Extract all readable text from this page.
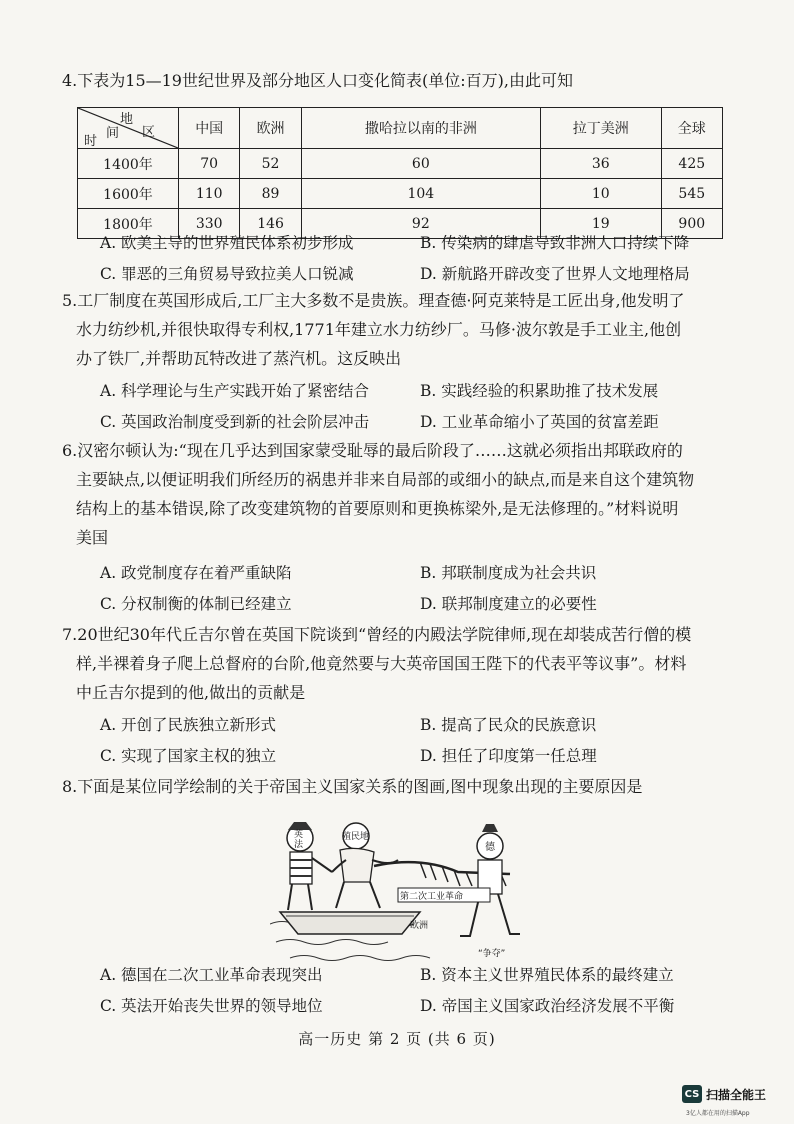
4.下表为15—19世纪世界及部分地区人口变化简表(单位:百万),由此可知

地
区
时
间	中国	欧洲	撒哈拉以南的非洲	拉丁美洲	全球
1400年	70	52	60	36	425
1600年	110	89	104	10	545
1800年	330	146	92	19	900
A. 欧美主导的世界殖民体系初步形成	B. 传染病的肆虐导致非洲人口持续下降
C. 罪恶的三角贸易导致拉美人口锐减	D. 新航路开辟改变了世界人文地理格局

5.工厂制度在英国形成后,工厂主大多数不是贵族。理查德·阿克莱特是工匠出身,他发明了

水力纺纱机,并很快取得专利权,1771年建立水力纺纱厂。马修·波尔敦是手工业主,他创

办了铁厂,并帮助瓦特改进了蒸汽机。这反映出

A. 科学理论与生产实践开始了紧密结合	B. 实践经验的积累助推了技术发展
C. 英国政治制度受到新的社会阶层冲击	D. 工业革命缩小了英国的贫富差距

6.汉密尔顿认为:“现在几乎达到国家蒙受耻辱的最后阶段了……这就必须指出邦联政府的

主要缺点,以便证明我们所经历的祸患并非来自局部的或细小的缺点,而是来自这个建筑物

结构上的基本错误,除了改变建筑物的首要原则和更换栋梁外,是无法修理的。”材料说明

美国

A. 政党制度存在着严重缺陷	B. 邦联制度成为社会共识
C. 分权制衡的体制已经建立	D. 联邦制度建立的必要性

7.20世纪30年代丘吉尔曾在英国下院谈到“曾经的内殿法学院律师,现在却装成苦行僧的模

样,半裸着身子爬上总督府的台阶,他竟然要与大英帝国国王陛下的代表平等议事”。材料

中丘吉尔提到的他,做出的贡献是

A. 开创了民族独立新形式	B. 提高了民众的民族意识
C. 实现了国家主权的独立	D. 担任了印度第一任总理

8.下面是某位同学绘制的关于帝国主义国家关系的图画,图中现象出现的主要原因是

第二次工业革命
英
法
殖民地
德
欧洲
“争夺”
A. 德国在二次工业革命表现突出	B. 资本主义世界殖民体系的最终建立
C. 英法开始丧失世界的领导地位	D. 帝国主义国家政治经济发展不平衡
高一历史 第 2 页 (共 6 页)
CS 扫描全能王
3亿人都在用的扫描App
